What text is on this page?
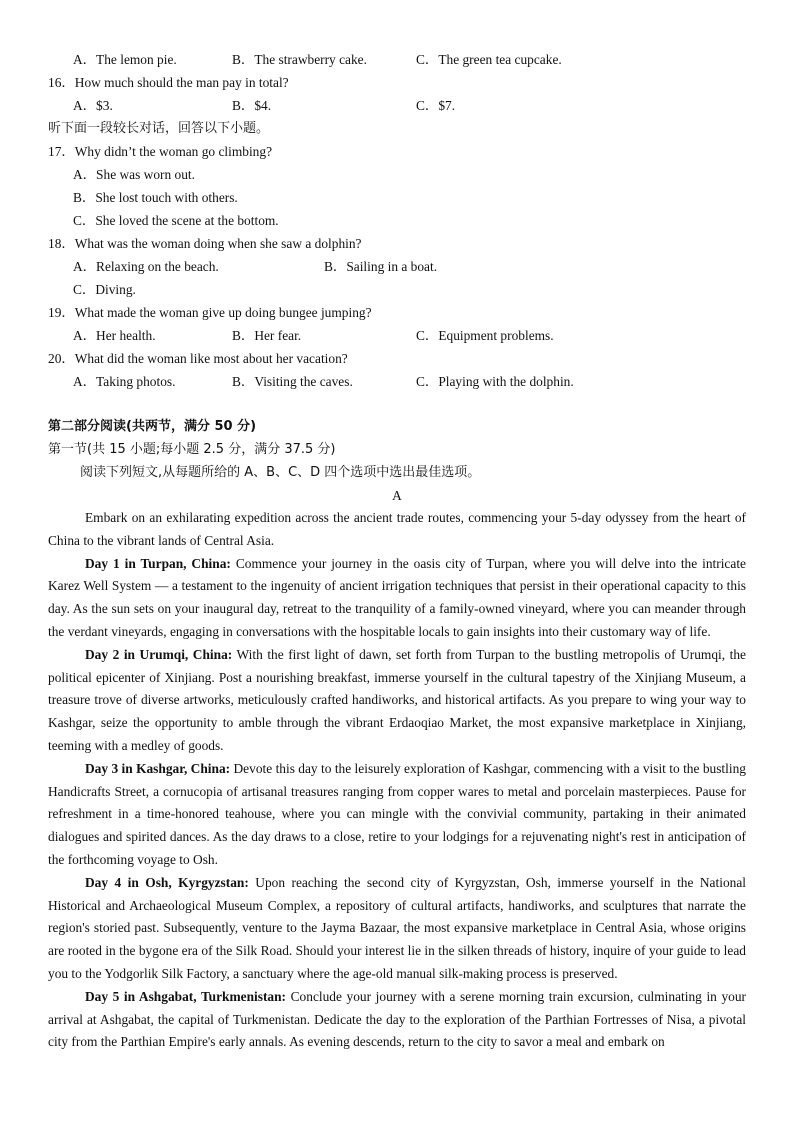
A．The lemon pie.	B．The strawberry cake.	C．The green tea cupcake.
16．How much should the man pay in total?
A．$3.	B．$4.	C．$7.
听下面一段较长对话，回答以下小题。
17．Why didn’t the woman go climbing?
A．She was worn out.
B．She lost touch with others.
C．She loved the scene at the bottom.
18．What was the woman doing when she saw a dolphin?
A．Relaxing on the beach.	B．Sailing in a boat.
C．Diving.
19．What made the woman give up doing bungee jumping?
A．Her health.	B．Her fear.	C．Equipment problems.
20．What did the woman like most about her vacation?
A．Taking photos.	B．Visiting the caves.	C．Playing with the dolphin.
第二部分阅读(共两节，满分 50 分)
第一节(共 15 小题;每小题 2.5 分，满分 37.5 分)
阅读下列短文,从每题所给的 A、B、C、D 四个选项中选出最佳选项。
A

Embark on an exhilarating expedition across the ancient trade routes, commencing your 5-day odyssey from the heart of China to the vibrant lands of Central Asia.

Day 1 in Turpan, China: Commence your journey in the oasis city of Turpan, where you will delve into the intricate Karez Well System — a testament to the ingenuity of ancient irrigation techniques that persist in their operational capacity to this day. As the sun sets on your inaugural day, retreat to the tranquility of a family-owned vineyard, where you can meander through the verdant vineyards, engaging in conversations with the hospitable locals to gain insights into their customary way of life.

Day 2 in Urumqi, China: With the first light of dawn, set forth from Turpan to the bustling metropolis of Urumqi, the political epicenter of Xinjiang. Post a nourishing breakfast, immerse yourself in the cultural tapestry of the Xinjiang Museum, a treasure trove of diverse artworks, meticulously crafted handiworks, and historical artifacts. As you prepare to wing your way to Kashgar, seize the opportunity to amble through the vibrant Erdaoqiao Market, the most expansive marketplace in Xinjiang, teeming with a medley of goods.

Day 3 in Kashgar, China: Devote this day to the leisurely exploration of Kashgar, commencing with a visit to the bustling Handicrafts Street, a cornucopia of artisanal treasures ranging from copper wares to metal and porcelain masterpieces. Pause for refreshment in a time-honored teahouse, where you can mingle with the convivial community, partaking in their animated dialogues and spirited dances. As the day draws to a close, retire to your lodgings for a rejuvenating night's rest in anticipation of the forthcoming voyage to Osh.

Day 4 in Osh, Kyrgyzstan: Upon reaching the second city of Kyrgyzstan, Osh, immerse yourself in the National Historical and Archaeological Museum Complex, a repository of cultural artifacts, handiworks, and sculptures that narrate the region's storied past. Subsequently, venture to the Jayma Bazaar, the most expansive marketplace in Central Asia, whose origins are rooted in the bygone era of the Silk Road. Should your interest lie in the silken threads of history, inquire of your guide to lead you to the Yodgorlik Silk Factory, a sanctuary where the age-old manual silk-making process is preserved.

Day 5 in Ashgabat, Turkmenistan: Conclude your journey with a serene morning train excursion, culminating in your arrival at Ashgabat, the capital of Turkmenistan. Dedicate the day to the exploration of the Parthian Fortresses of Nisa, a pivotal city from the Parthian Empire's early annals. As evening descends, return to the city to savor a meal and embark on
